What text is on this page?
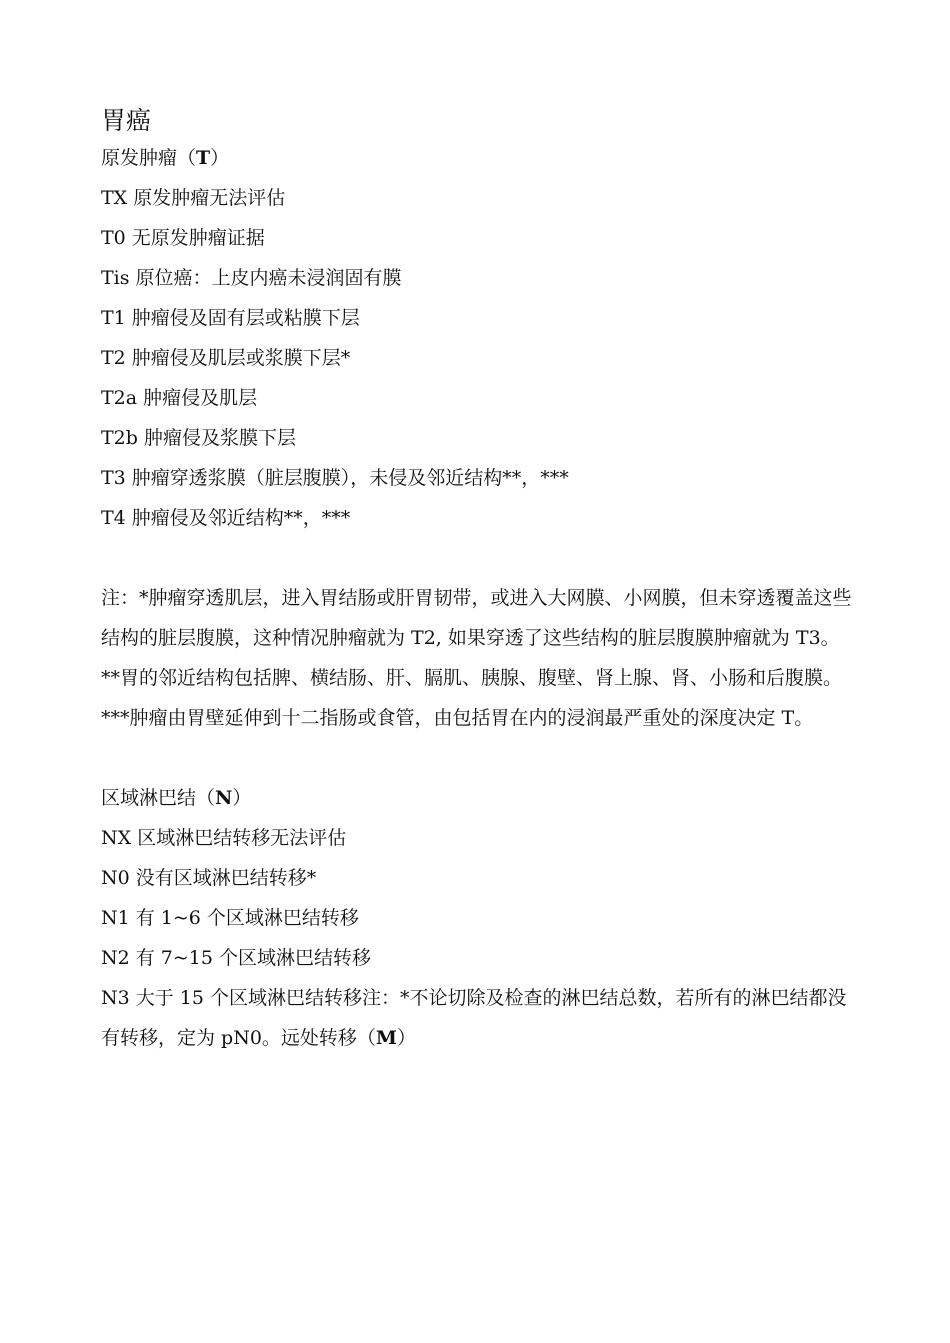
胃癌
原发肿瘤（T）
TX 原发肿瘤无法评估
T0 无原发肿瘤证据
Tis 原位癌：上皮内癌未浸润固有膜
T1 肿瘤侵及固有层或粘膜下层
T2 肿瘤侵及肌层或浆膜下层*
T2a 肿瘤侵及肌层
T2b 肿瘤侵及浆膜下层
T3 肿瘤穿透浆膜（脏层腹膜），未侵及邻近结构**，***
T4 肿瘤侵及邻近结构**，***

注：*肿瘤穿透肌层，进入胃结肠或肝胃韧带，或进入大网膜、小网膜，但未穿透覆盖这些结构的脏层腹膜，这种情况肿瘤就为 T2, 如果穿透了这些结构的脏层腹膜肿瘤就为 T3。

**胃的邻近结构包括脾、横结肠、肝、膈肌、胰腺、腹壁、肾上腺、肾、小肠和后腹膜。

***肿瘤由胃壁延伸到十二指肠或食管，由包括胃在内的浸润最严重处的深度决定 T。

区域淋巴结（N）
NX 区域淋巴结转移无法评估
N0 没有区域淋巴结转移*
N1 有 1~6 个区域淋巴结转移
N2 有 7~15 个区域淋巴结转移

N3 大于 15 个区域淋巴结转移注：*不论切除及检查的淋巴结总数，若所有的淋巴结都没有转移，定为 pN0。远处转移（M）
